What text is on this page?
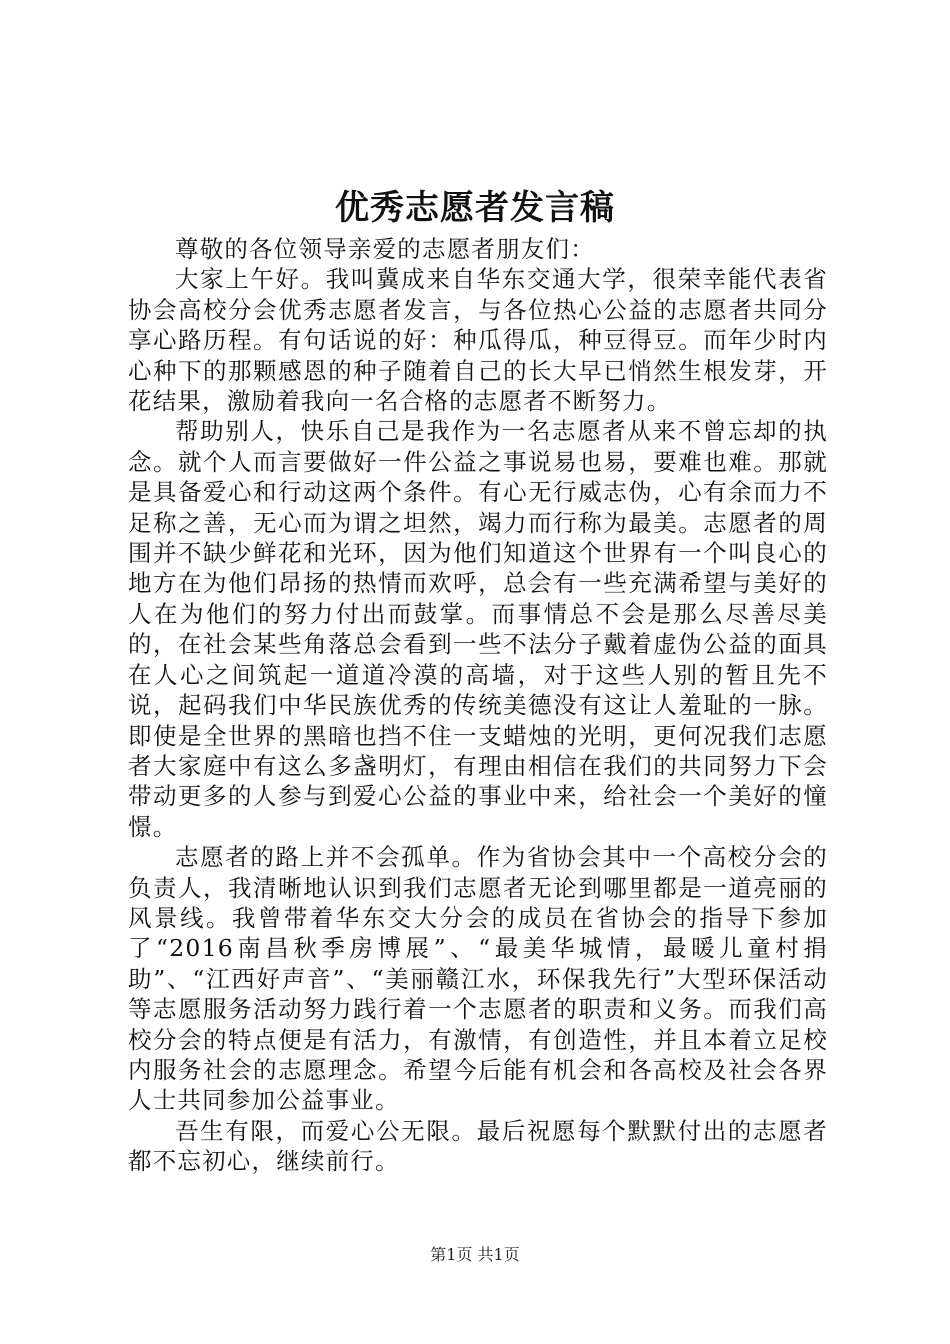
优秀志愿者发言稿

尊敬的各位领导亲爱的志愿者朋友们：

大家上午好。我叫冀成来自华东交通大学，很荣幸能代表省协会高校分会优秀志愿者发言，与各位热心公益的志愿者共同分享心路历程。有句话说的好：种瓜得瓜，种豆得豆。而年少时内心种下的那颗感恩的种子随着自己的长大早已悄然生根发芽，开花结果，激励着我向一名合格的志愿者不断努力。

帮助别人，快乐自己是我作为一名志愿者从来不曾忘却的执念。就个人而言要做好一件公益之事说易也易，要难也难。那就是具备爱心和行动这两个条件。有心无行威志伪，心有余而力不足称之善，无心而为谓之坦然，竭力而行称为最美。志愿者的周围并不缺少鲜花和光环，因为他们知道这个世界有一个叫良心的地方在为他们昂扬的热情而欢呼，总会有一些充满希望与美好的人在为他们的努力付出而鼓掌。而事情总不会是那么尽善尽美的，在社会某些角落总会看到一些不法分子戴着虚伪公益的面具在人心之间筑起一道道冷漠的高墙，对于这些人别的暂且先不说，起码我们中华民族优秀的传统美德没有这让人羞耻的一脉。即使是全世界的黑暗也挡不住一支蜡烛的光明，更何况我们志愿者大家庭中有这么多盏明灯，有理由相信在我们的共同努力下会带动更多的人参与到爱心公益的事业中来，给社会一个美好的憧憬。

志愿者的路上并不会孤单。作为省协会其中一个高校分会的负责人，我清晰地认识到我们志愿者无论到哪里都是一道亮丽的风景线。我曾带着华东交大分会的成员在省协会的指导下参加了“2016南昌秋季房博展”、“最美华城情，最暖儿童村捐助”、“江西好声音”、“美丽赣江水，环保我先行”大型环保活动等志愿服务活动努力践行着一个志愿者的职责和义务。而我们高校分会的特点便是有活力，有激情，有创造性，并且本着立足校内服务社会的志愿理念。希望今后能有机会和各高校及社会各界人士共同参加公益事业。

吾生有限，而爱心公无限。最后祝愿每个默默付出的志愿者都不忘初心，继续前行。

第1页 共1页
